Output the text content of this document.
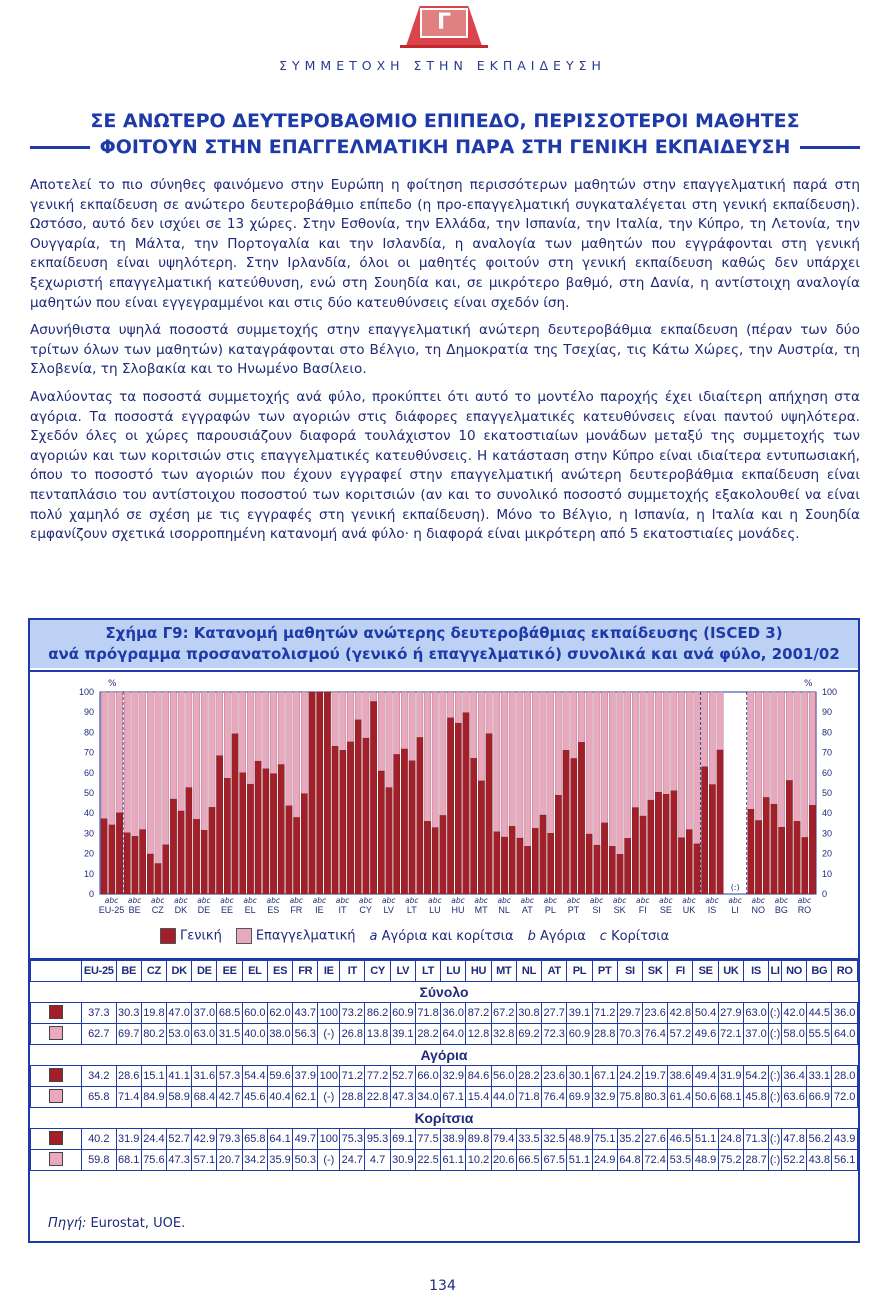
Γ
ΣΥΜΜΕΤΟΧΗ ΣΤΗΝ ΕΚΠΑΙΔΕΥΣΗ
ΣΕ ΑΝΩΤΕΡΟ ΔΕΥΤΕΡΟΒΑΘΜΙΟ ΕΠΙΠΕΔΟ, ΠΕΡΙΣΣΟΤΕΡΟΙ ΜΑΘΗΤΕΣ
ΦΟΙΤΟΥΝ ΣΤΗΝ ΕΠΑΓΓΕΛΜΑΤΙΚΗ ΠΑΡΑ ΣΤΗ ΓΕΝΙΚΗ ΕΚΠΑΙΔΕΥΣΗ

Αποτελεί το πιο σύνηθες φαινόμενο στην Ευρώπη η φοίτηση περισσότερων μαθητών στην επαγγελματική παρά στη γενική εκπαίδευση σε ανώτερο δευτεροβάθμιο επίπεδο (η προ-επαγγελματική συγκαταλέγεται στη γενική εκπαίδευση). Ωστόσο, αυτό δεν ισχύει σε 13 χώρες. Στην Εσθονία, την Ελλάδα, την Ισπανία, την Ιταλία, την Κύπρο, τη Λετονία, την Ουγγαρία, τη Μάλτα, την Πορτογαλία και την Ισλανδία, η αναλογία των μαθητών που εγγράφονται στη γενική εκπαίδευση είναι υψηλότερη. Στην Ιρλανδία, όλοι οι μαθητές φοιτούν στη γενική εκπαίδευση καθώς δεν υπάρχει ξεχωριστή επαγγελματική κατεύθυνση, ενώ στη Σουηδία και, σε μικρότερο βαθμό, στη Δανία, η αντίστοιχη αναλογία μαθητών που είναι εγγεγραμμένοι και στις δύο κατευθύνσεις είναι σχεδόν ίση.

Ασυνήθιστα υψηλά ποσοστά συμμετοχής στην επαγγελματική ανώτερη δευτεροβάθμια εκπαίδευση (πέραν των δύο τρίτων όλων των μαθητών) καταγράφονται στο Βέλγιο, τη Δημοκρατία της Τσεχίας, τις Κάτω Χώρες, την Αυστρία, τη Σλοβενία, τη Σλοβακία και το Ηνωμένο Βασίλειο.

Αναλύοντας τα ποσοστά συμμετοχής ανά φύλο, προκύπτει ότι αυτό το μοντέλο παροχής έχει ιδιαίτερη απήχηση στα αγόρια. Τα ποσοστά εγγραφών των αγοριών στις διάφορες επαγγελματικές κατευθύνσεις είναι παντού υψηλότερα. Σχεδόν όλες οι χώρες παρουσιάζουν διαφορά τουλάχιστον 10 εκατοστιαίων μονάδων μεταξύ της συμμετοχής των αγοριών και των κοριτσιών στις επαγγελματικές κατευθύνσεις. Η κατάσταση στην Κύπρο είναι ιδιαίτερα εντυπωσιακή, όπου το ποσοστό των αγοριών που έχουν εγγραφεί στην επαγγελματική ανώτερη δευτεροβάθμια εκπαίδευση είναι πενταπλάσιο του αντίστοιχου ποσοστού των κοριτσιών (αν και το συνολικό ποσοστό συμμετοχής εξακολουθεί να είναι πολύ χαμηλό σε σχέση με τις εγγραφές στη γενική εκπαίδευση). Μόνο το Βέλγιο, η Ισπανία, η Ιταλία και η Σουηδία εμφανίζουν σχετικά ισορροπημένη κατανομή ανά φύλο· η διαφορά είναι μικρότερη από 5 εκατοστιαίες μονάδες.

Σχήμα Γ9: Κατανομή μαθητών ανώτερης δευτεροβάθμιας εκπαίδευσης (ISCED 3)
ανά πρόγραμμα προσανατολισμού (γενικό ή επαγγελματικό) συνολικά και ανά φύλο, 2001/02
0	0
10	10
20	20
30	30
40	40
50	50
60	60
70	70
80	80
90	90
100	100
%	%
abc
EU-25
abc
BE
abc
CZ
abc
DK
abc
DE
abc
EE
abc
EL
abc
ES
abc
FR
abc
IE
abc
IT
abc
CY
abc
LV
abc
LT
abc
LU
abc
HU
abc
MT
abc
NL
abc
AT
abc
PL
abc
PT
abc
SI
abc
SK
abc
FI
abc
SE
abc
UK
abc
IS
(:)
abc
LI
abc
NO
abc
BG
abc
RO
Γενική	Επαγγελματική a Αγόρια και κορίτσια b Αγόρια c Κορίτσια
	EU-25	BE	CZ	DK	DE	EE	EL	ES	FR	IE	IT	CY	LV	LT	LU	HU	MT	NL	AT	PL	PT	SI	SK	FI	SE	UK	IS	LI	NO	BG	RO
Σύνολο																															
	37.3	30.3	19.8	47.0	37.0	68.5	60.0	62.0	43.7	100	73.2	86.2	60.9	71.8	36.0	87.2	67.2	30.8	27.7	39.1	71.2	29.7	23.6	42.8	50.4	27.9	63.0	(:)	42.0	44.5	36.0
	62.7	69.7	80.2	53.0	63.0	31.5	40.0	38.0	56.3	(-)	26.8	13.8	39.1	28.2	64.0	12.8	32.8	69.2	72.3	60.9	28.8	70.3	76.4	57.2	49.6	72.1	37.0	(:)	58.0	55.5	64.0
Αγόρια																															
	34.2	28.6	15.1	41.1	31.6	57.3	54.4	59.6	37.9	100	71.2	77.2	52.7	66.0	32.9	84.6	56.0	28.2	23.6	30.1	67.1	24.2	19.7	38.6	49.4	31.9	54.2	(:)	36.4	33.1	28.0
	65.8	71.4	84.9	58.9	68.4	42.7	45.6	40.4	62.1	(-)	28.8	22.8	47.3	34.0	67.1	15.4	44.0	71.8	76.4	69.9	32.9	75.8	80.3	61.4	50.6	68.1	45.8	(:)	63.6	66.9	72.0
Κορίτσια																															
	40.2	31.9	24.4	52.7	42.9	79.3	65.8	64.1	49.7	100	75.3	95.3	69.1	77.5	38.9	89.8	79.4	33.5	32.5	48.9	75.1	35.2	27.6	46.5	51.1	24.8	71.3	(:)	47.8	56.2	43.9
	59.8	68.1	75.6	47.3	57.1	20.7	34.2	35.9	50.3	(-)	24.7	4.7	30.9	22.5	61.1	10.2	20.6	66.5	67.5	51.1	24.9	64.8	72.4	53.5	48.9	75.2	28.7	(:)	52.2	43.8	56.1
Πηγή: Eurostat, UOE.
134
